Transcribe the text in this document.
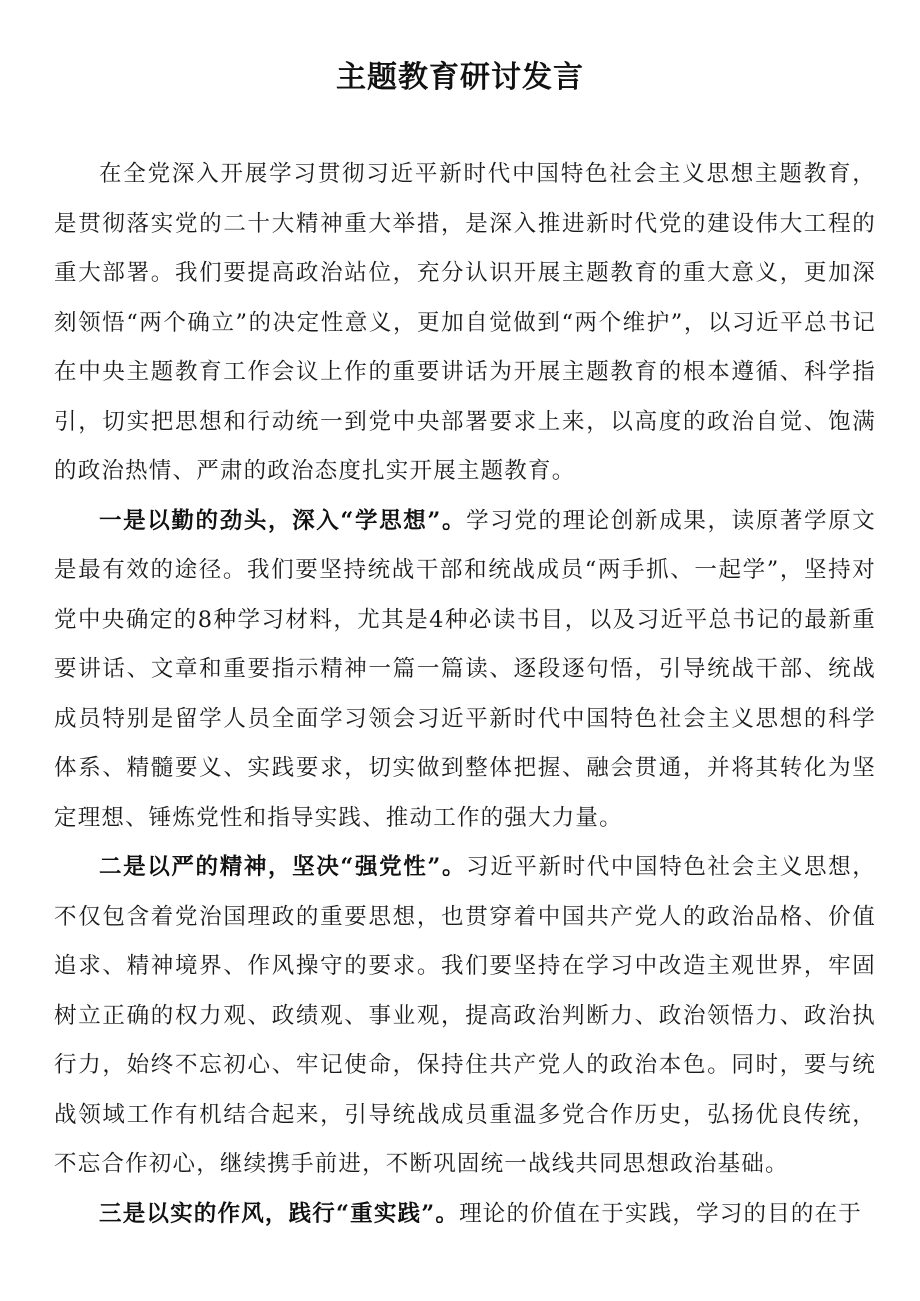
主题教育研讨发言

在全党深入开展学习贯彻习近平新时代中国特色社会主义思想主题教育，是贯彻落实党的二十大精神重大举措，是深入推进新时代党的建设伟大工程的重大部署。我们要提高政治站位，充分认识开展主题教育的重大意义，更加深刻领悟“两个确立”的决定性意义，更加自觉做到“两个维护”，以习近平总书记在中央主题教育工作会议上作的重要讲话为开展主题教育的根本遵循、科学指引，切实把思想和行动统一到党中央部署要求上来，以高度的政治自觉、饱满的政治热情、严肃的政治态度扎实开展主题教育。

一是以勤的劲头，深入“学思想”。学习党的理论创新成果，读原著学原文是最有效的途径。我们要坚持统战干部和统战成员“两手抓、一起学”，坚持对党中央确定的8种学习材料，尤其是4种必读书目，以及习近平总书记的最新重要讲话、文章和重要指示精神一篇一篇读、逐段逐句悟，引导统战干部、统战成员特别是留学人员全面学习领会习近平新时代中国特色社会主义思想的科学体系、精髓要义、实践要求，切实做到整体把握、融会贯通，并将其转化为坚定理想、锤炼党性和指导实践、推动工作的强大力量。

二是以严的精神，坚决“强党性”。习近平新时代中国特色社会主义思想，不仅包含着党治国理政的重要思想，也贯穿着中国共产党人的政治品格、价值追求、精神境界、作风操守的要求。我们要坚持在学习中改造主观世界，牢固树立正确的权力观、政绩观、事业观，提高政治判断力、政治领悟力、政治执行力，始终不忘初心、牢记使命，保持住共产党人的政治本色。同时，要与统战领域工作有机结合起来，引导统战成员重温多党合作历史，弘扬优良传统，不忘合作初心，继续携手前进，不断巩固统一战线共同思想政治基础。

三是以实的作风，践行“重实践”。理论的价值在于实践，学习的目的在于
